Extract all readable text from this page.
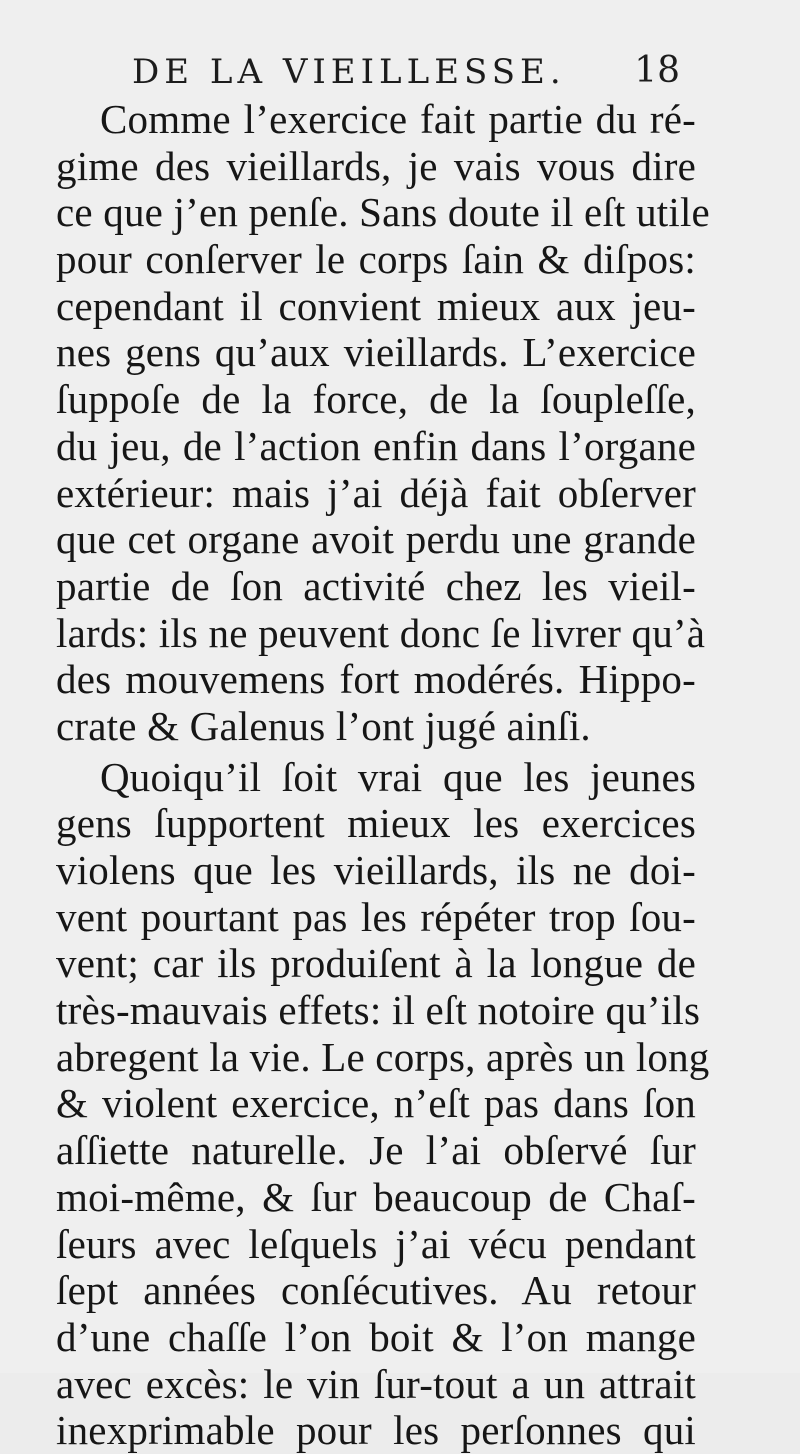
DE LA VIEILLESSE. 18
Comme l’exercice fait partie du ré-
gime des vieillards, je vais vous dire
ce que j’en penſe. Sans doute il eſt utile
pour conſerver le corps ſain & diſpos:
cependant il convient mieux aux jeu-
nes gens qu’aux vieillards. L’exercice
ſuppoſe de la force, de la ſoupleſſe,
du jeu, de l’action enfin dans l’organe
extérieur: mais j’ai déjà fait obſerver
que cet organe avoit perdu une grande
partie de ſon activité chez les vieil-
lards: ils ne peuvent donc ſe livrer qu’à
des mouvemens fort modérés. Hippo-
crate & Galenus l’ont jugé ainſi.
Quoiqu’il ſoit vrai que les jeunes
gens ſupportent mieux les exercices
violens que les vieillards, ils ne doi-
vent pourtant pas les répéter trop ſou-
vent; car ils produiſent à la longue de
très-mauvais effets: il eſt notoire qu’ils
abregent la vie. Le corps, après un long
& violent exercice, n’eſt pas dans ſon
aſſiette naturelle. Je l’ai obſervé ſur
moi-même, & ſur beaucoup de Chaſ-
ſeurs avec leſquels j’ai vécu pendant
ſept années conſécutives. Au retour
d’une chaſſe l’on boit & l’on mange
avec excès: le vin ſur-tout a un attrait
inexprimable pour les perſonnes qui
